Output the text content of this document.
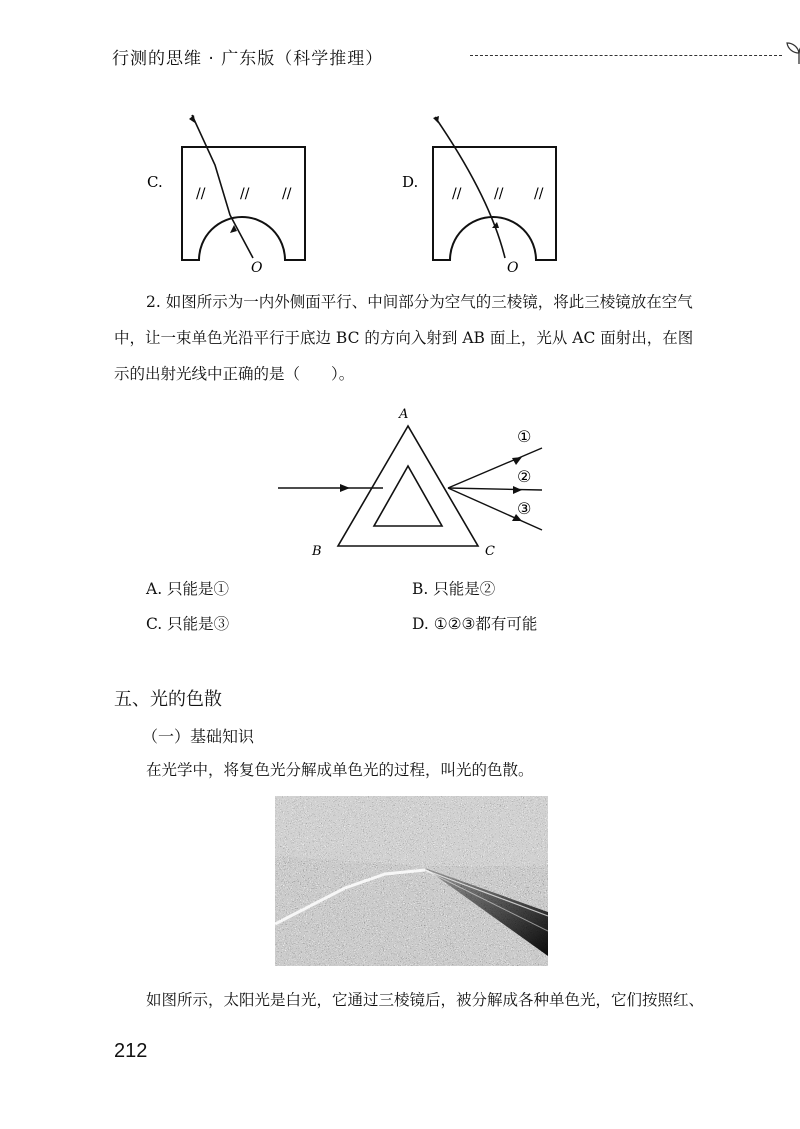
行测的思维 · 广东版（科学推理）
C.
// // //
O
D.
// // //
O
2. 如图所示为一内外侧面平行、中间部分为空气的三棱镜，将此三棱镜放在空气
中，让一束单色光沿平行于底边 BC 的方向入射到 AB 面上，光从 AC 面射出，在图
示的出射光线中正确的是（　　）。
A
①
②
③
B	C
A. 只能是①	B. 只能是②
C. 只能是③	D. ①②③都有可能
五、光的色散
（一）基础知识
在光学中，将复色光分解成单色光的过程，叫光的色散。
如图所示，太阳光是白光，它通过三棱镜后，被分解成各种单色光，它们按照红、
212
